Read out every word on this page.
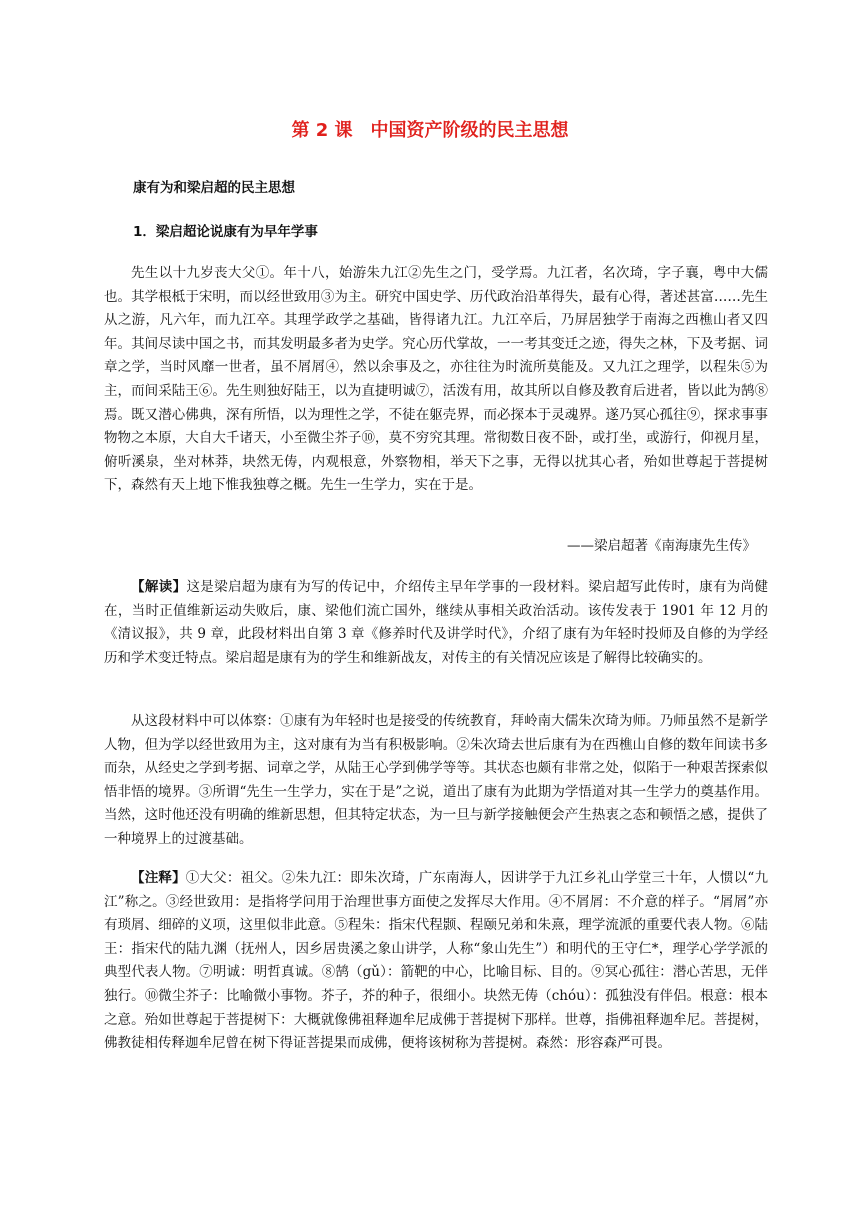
第 2 课　中国资产阶级的民主思想
康有为和梁启超的民主思想
1．梁启超论说康有为早年学事

先生以十九岁丧大父①。年十八，始游朱九江②先生之门，受学焉。九江者，名次琦，字子襄，粤中大儒也。其学根柢于宋明，而以经世致用③为主。研究中国史学、历代政治沿革得失，最有心得，著述甚富……先生从之游，凡六年，而九江卒。其理学政学之基础，皆得诸九江。九江卒后，乃屏居独学于南海之西樵山者又四年。其间尽读中国之书，而其发明最多者为史学。究心历代掌故，一一考其变迁之迹，得失之林，下及考据、词章之学，当时风靡一世者，虽不屑屑④，然以余事及之，亦往往为时流所莫能及。又九江之理学，以程朱⑤为主，而间采陆王⑥。先生则独好陆王，以为直捷明诚⑦，活泼有用，故其所以自修及教育后进者，皆以此为鹄⑧焉。既又潜心佛典，深有所悟，以为理性之学，不徒在躯壳界，而必探本于灵魂界。遂乃冥心孤往⑨，探求事事物物之本原，大自大千诸天，小至微尘芥子⑩，莫不穷究其理。常彻数日夜不卧，或打坐，或游行，仰视月星，俯听溪泉，坐对林莽，块然无俦，内观根意，外察物相，举天下之事，无得以扰其心者，殆如世尊起于菩提树下，森然有天上地下惟我独尊之概。先生一生学力，实在于是。

——梁启超著《南海康先生传》

【解读】这是梁启超为康有为写的传记中，介绍传主早年学事的一段材料。梁启超写此传时，康有为尚健在，当时正值维新运动失败后，康、梁他们流亡国外，继续从事相关政治活动。该传发表于 1901 年 12 月的《清议报》，共 9 章，此段材料出自第 3 章《修养时代及讲学时代》，介绍了康有为年轻时投师及自修的为学经历和学术变迁特点。梁启超是康有为的学生和维新战友，对传主的有关情况应该是了解得比较确实的。

从这段材料中可以体察：①康有为年轻时也是接受的传统教育，拜岭南大儒朱次琦为师。乃师虽然不是新学人物，但为学以经世致用为主，这对康有为当有积极影响。②朱次琦去世后康有为在西樵山自修的数年间读书多而杂，从经史之学到考据、词章之学，从陆王心学到佛学等等。其状态也颇有非常之处，似陷于一种艰苦探索似悟非悟的境界。③所谓“先生一生学力，实在于是”之说，道出了康有为此期为学悟道对其一生学力的奠基作用。当然，这时他还没有明确的维新思想，但其特定状态，为一旦与新学接触便会产生热衷之态和顿悟之感，提供了一种境界上的过渡基础。

【注释】①大父：祖父。②朱九江：即朱次琦，广东南海人，因讲学于九江乡礼山学堂三十年，人惯以“九江”称之。③经世致用：是指将学问用于治理世事方面使之发挥尽大作用。④不屑屑：不介意的样子。“屑屑”亦有琐屑、细碎的义项，这里似非此意。⑤程朱：指宋代程颢、程颐兄弟和朱熹，理学流派的重要代表人物。⑥陆王：指宋代的陆九渊（抚州人，因乡居贵溪之象山讲学，人称“象山先生”）和明代的王守仁*，理学心学学派的典型代表人物。⑦明诚：明哲真诚。⑧鹄（gǔ）：箭靶的中心，比喻目标、目的。⑨冥心孤往：潜心苦思，无伴独行。⑩微尘芥子：比喻微小事物。芥子，芥的种子，很细小。块然无俦（chóu）：孤独没有伴侣。根意：根本之意。殆如世尊起于菩提树下：大概就像佛祖释迦牟尼成佛于菩提树下那样。世尊，指佛祖释迦牟尼。菩提树，佛教徒相传释迦牟尼曾在树下得证菩提果而成佛，便将该树称为菩提树。森然：形容森严可畏。
